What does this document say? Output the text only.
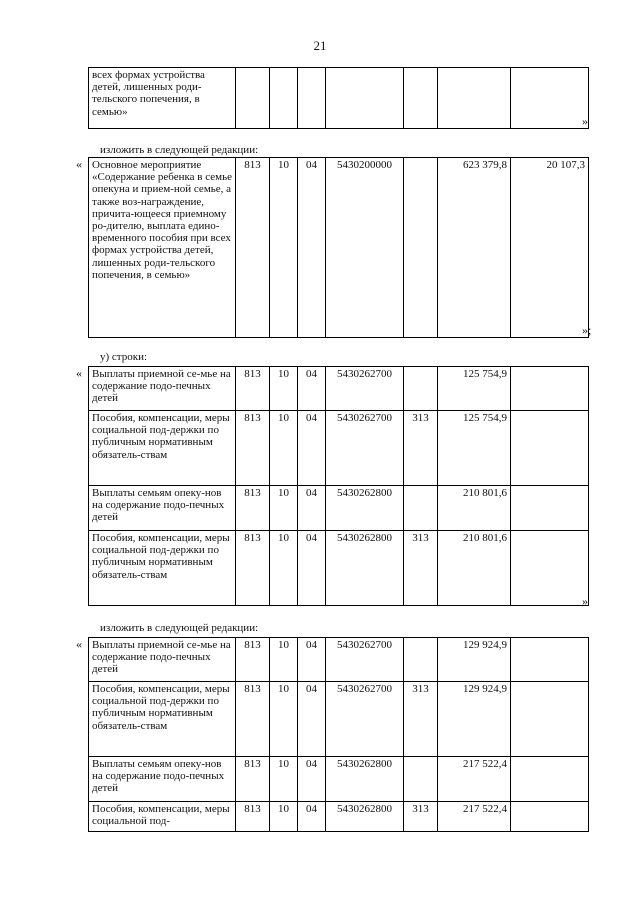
21
всех формах устройства детей, лишенных роди-тельского попечения, в семью»							
»
изложить в следующей редакции:
« Основное мероприятие «Содержание ребенка в семье опекуна и прием-ной семье, а также воз-награждение, причита-ющееся приемному ро-дителю, выплата едино-временного пособия при всех формах устройства детей, лишенных роди-тельского попечения, в семью»	813	10	04	5430200000		623 379,8	20 107,3
»;
у) строки:
« Выплаты приемной се-мье на содержание подо-печных детей	813	10	04	5430262700		125 754,9	
Пособия, компенсации, меры социальной под-держки по публичным нормативным обязатель-ствам	813	10	04	5430262700	313	125 754,9	
Выплаты семьям опеку-нов на содержание подо-печных детей	813	10	04	5430262800		210 801,6	
Пособия, компенсации, меры социальной под-держки по публичным нормативным обязатель-ствам	813	10	04	5430262800	313	210 801,6	
»
изложить в следующей редакции:
« Выплаты приемной се-мье на содержание подо-печных детей	813	10	04	5430262700		129 924,9	
Пособия, компенсации, меры социальной под-держки по публичным нормативным обязатель-ствам	813	10	04	5430262700	313	129 924,9	
Выплаты семьям опеку-нов на содержание подо-печных детей	813	10	04	5430262800		217 522,4	
Пособия, компенсации, меры социальной под-	813	10	04	5430262800	313	217 522,4	
